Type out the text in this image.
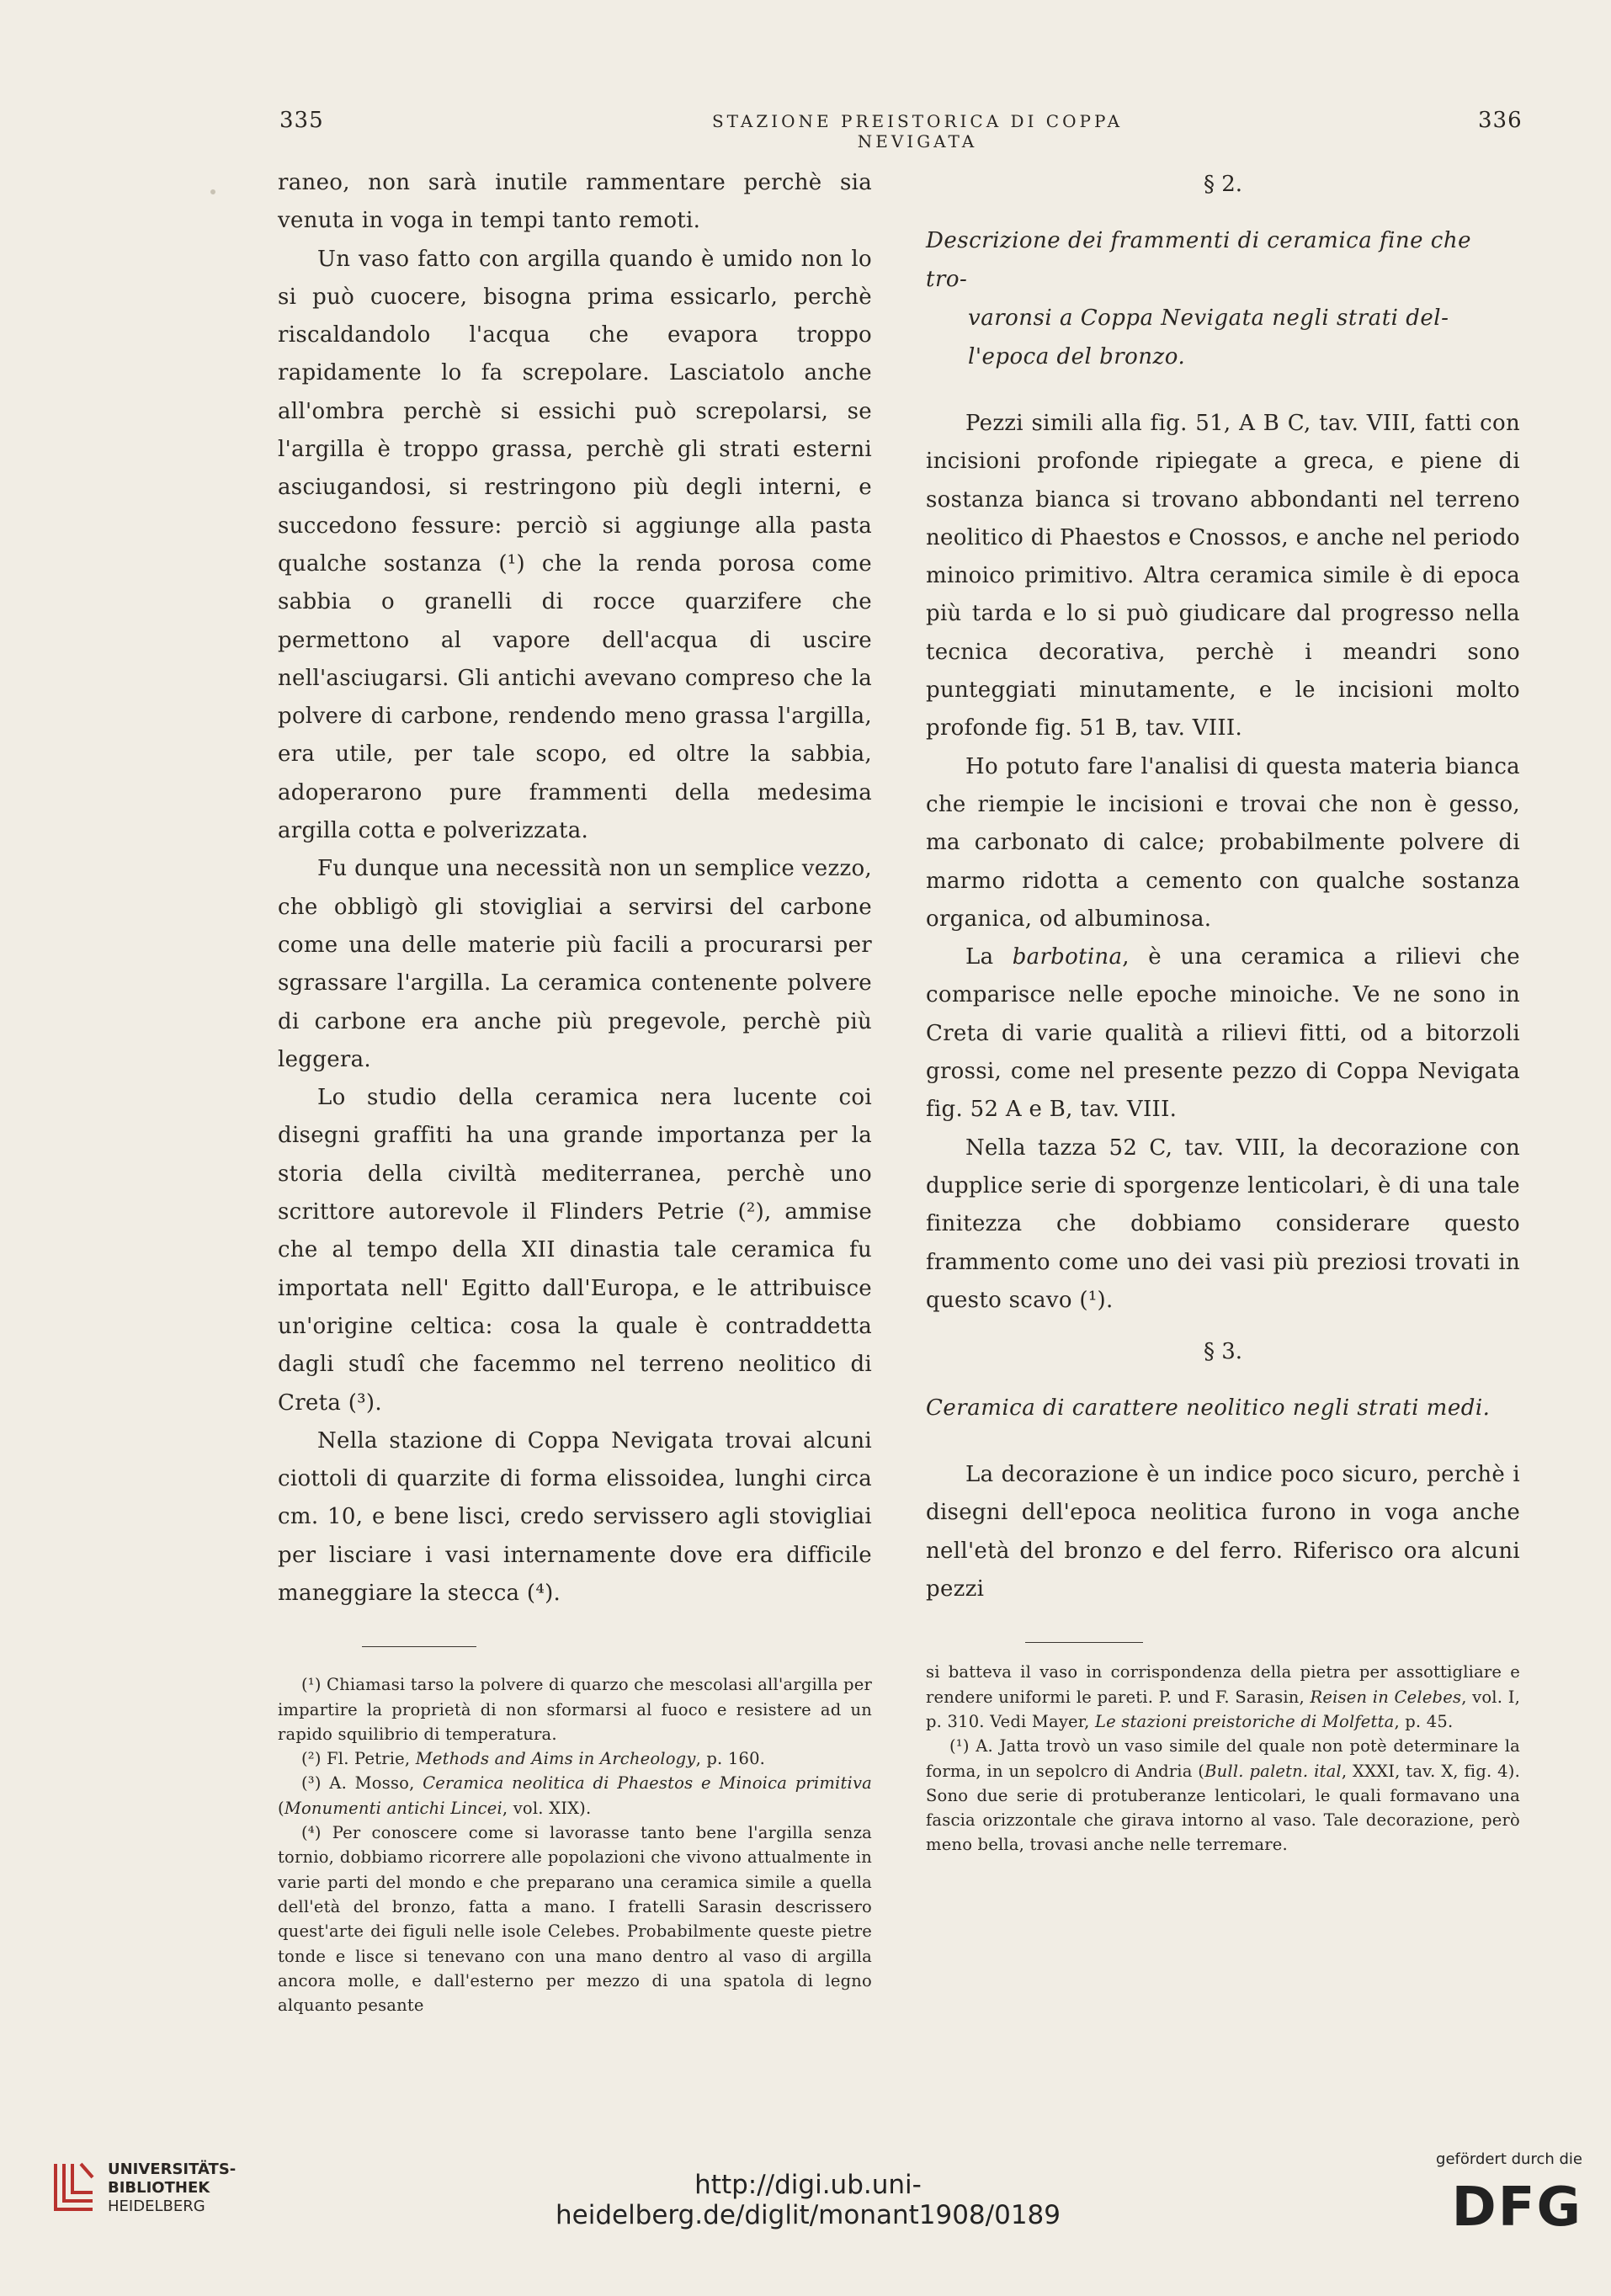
335	STAZIONE PREISTORICA DI COPPA NEVIGATA
336

raneo, non sarà inutile rammentare perchè sia venuta in voga in tempi tanto remoti.

Un vaso fatto con argilla quando è umido non lo si può cuocere, bisogna prima essicarlo, perchè riscaldandolo l'acqua che evapora troppo rapidamente lo fa screpolare. Lasciatolo anche all'ombra perchè si essichi può screpolarsi, se l'argilla è troppo grassa, perchè gli strati esterni asciugandosi, si restringono più degli interni, e succedono fessure: perciò si aggiunge alla pasta qualche sostanza (¹) che la renda porosa come sabbia o granelli di rocce quarzifere che permettono al vapore dell'acqua di uscire nell'asciugarsi. Gli antichi avevano compreso che la polvere di carbone, rendendo meno grassa l'argilla, era utile, per tale scopo, ed oltre la sabbia, adoperarono pure frammenti della medesima argilla cotta e polverizzata.

Fu dunque una necessità non un semplice vezzo, che obbligò gli stovigliai a servirsi del carbone come una delle materie più facili a procurarsi per sgrassare l'argilla. La ceramica contenente polvere di carbone era anche più pregevole, perchè più leggera.

Lo studio della ceramica nera lucente coi disegni graffiti ha una grande importanza per la storia della civiltà mediterranea, perchè uno scrittore autorevole il Flinders Petrie (²), ammise che al tempo della XII dinastia tale ceramica fu importata nell' Egitto dall'Europa, e le attribuisce un'origine celtica: cosa la quale è contraddetta dagli studî che facemmo nel terreno neolitico di Creta (³).

Nella stazione di Coppa Nevigata trovai alcuni ciottoli di quarzite di forma elissoidea, lunghi circa cm. 10, e bene lisci, credo servissero agli stovigliai per lisciare i vasi internamente dove era difficile maneggiare la stecca (⁴).

(¹) Chiamasi tarso la polvere di quarzo che mescolasi all'argilla per impartire la proprietà di non sformarsi al fuoco e resistere ad un rapido squilibrio di temperatura.

(²) Fl. Petrie, Methods and Aims in Archeology, p. 160.

(³) A. Mosso, Ceramica neolitica di Phaestos e Minoica primitiva (Monumenti antichi Lincei, vol. XIX).

(⁴) Per conoscere come si lavorasse tanto bene l'argilla senza tornio, dobbiamo ricorrere alle popolazioni che vivono attualmente in varie parti del mondo e che preparano una ceramica simile a quella dell'età del bronzo, fatta a mano. I fratelli Sarasin descrissero quest'arte dei figuli nelle isole Celebes. Probabilmente queste pietre tonde e lisce si tenevano con una mano dentro al vaso di argilla ancora molle, e dall'esterno per mezzo di una spatola di legno alquanto pesante

§ 2.
Descrizione dei frammenti di ceramica fine che tro-
varonsi a Coppa Nevigata negli strati del-
l'epoca del bronzo.

Pezzi simili alla fig. 51, A B C, tav. VIII, fatti con incisioni profonde ripiegate a greca, e piene di sostanza bianca si trovano abbondanti nel terreno neolitico di Phaestos e Cnossos, e anche nel periodo minoico primitivo. Altra ceramica simile è di epoca più tarda e lo si può giudicare dal progresso nella tecnica decorativa, perchè i meandri sono punteggiati minutamente, e le incisioni molto profonde fig. 51 B, tav. VIII.

Ho potuto fare l'analisi di questa materia bianca che riempie le incisioni e trovai che non è gesso, ma carbonato di calce; probabilmente polvere di marmo ridotta a cemento con qualche sostanza organica, od albuminosa.

La barbotina, è una ceramica a rilievi che comparisce nelle epoche minoiche. Ve ne sono in Creta di varie qualità a rilievi fitti, od a bitorzoli grossi, come nel presente pezzo di Coppa Nevigata fig. 52 A e B, tav. VIII.

Nella tazza 52 C, tav. VIII, la decorazione con dupplice serie di sporgenze lenticolari, è di una tale finitezza che dobbiamo considerare questo frammento come uno dei vasi più preziosi trovati in questo scavo (¹).

§ 3.
Ceramica di carattere neolitico negli strati medi.

La decorazione è un indice poco sicuro, perchè i disegni dell'epoca neolitica furono in voga anche nell'età del bronzo e del ferro. Riferisco ora alcuni pezzi

si batteva il vaso in corrispondenza della pietra per assottigliare e rendere uniformi le pareti. P. und F. Sarasin, Reisen in Celebes, vol. I, p. 310. Vedi Mayer, Le stazioni preistoriche di Molfetta, p. 45.

(¹) A. Jatta trovò un vaso simile del quale non potè determinare la forma, in un sepolcro di Andria (Bull. paletn. ital, XXXI, tav. X, fig. 4). Sono due serie di protuberanze lenticolari, le quali formavano una fascia orizzontale che girava intorno al vaso. Tale decorazione, però meno bella, trovasi anche nelle terremare.

UNIVERSITÄTS-
BIBLIOTHEK
HEIDELBERG
http://digi.ub.uni-heidelberg.de/diglit/monant1908/0189
gefördert durch die
DFG
